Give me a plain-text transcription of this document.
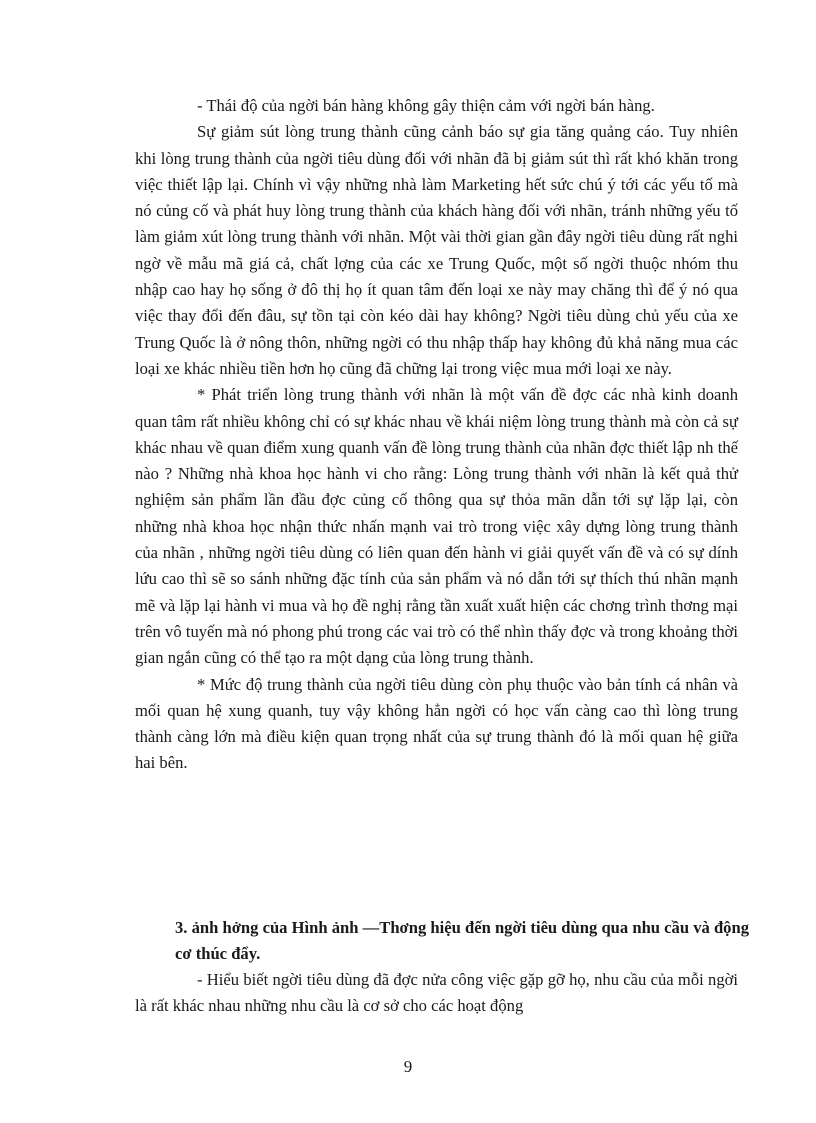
- Thái độ của ngời bán hàng không gây thiện cảm với ngời bán hàng.

Sự giảm sút lòng trung thành cũng cảnh báo sự gia tăng quảng cáo. Tuy nhiên khi lòng trung thành của ngời tiêu dùng đối với nhãn đã bị giảm sút thì rất khó khăn trong việc thiết lập lại. Chính vì vậy những nhà làm Marketing hết sức chú ý tới các yếu tố mà nó củng cố và phát huy lòng trung thành của khách hàng đối với nhãn, tránh những yếu tố làm giảm xút lòng trung thành với nhãn. Một vài thời gian gần đây ngời tiêu dùng rất nghi ngờ về mẫu mã giá cả, chất lợng của các xe Trung Quốc, một số ngời thuộc nhóm thu nhập cao hay họ sống ở đô thị họ ít quan tâm đến loại xe này may chăng thì để ý nó qua việc thay đổi đến đâu, sự tồn tại còn kéo dài hay không? Ngời tiêu dùng chủ yếu của xe Trung Quốc là ở nông thôn, những ngời có thu nhập thấp hay không đủ khả năng mua các loại xe khác nhiều tiền hơn họ cũng đã chững lại trong việc mua mới loại xe này.

* Phát triển lòng trung thành với nhãn là một vấn đề đợc các nhà kinh doanh quan tâm rất nhiều không chỉ có sự khác nhau về khái niệm lòng trung thành mà còn cả sự khác nhau về quan điểm xung quanh vấn đề lòng trung thành của nhãn đợc thiết lập nh thế nào ? Những nhà khoa học hành vi cho rằng: Lòng trung thành với nhãn là kết quả thử nghiệm sản phẩm lần đầu đợc củng cố thông qua sự thỏa mãn dẫn tới sự lặp lại, còn những nhà khoa học nhận thức nhấn mạnh vai trò trong việc xây dựng lòng trung thành của nhãn , những ngời tiêu dùng có liên quan đến hành vi giải quyết vấn đề và có sự dính lứu cao thì sẽ so sánh những đặc tính của sản phẩm và nó dẫn tới sự thích thú nhãn mạnh mẽ và lặp lại hành vi mua và họ đề nghị rằng tần xuất xuất hiện các chơng trình thơng mại trên vô tuyến mà nó phong phú trong các vai trò có thể nhìn thấy đợc và trong khoảng thời gian ngắn cũng có thể tạo ra một dạng của lòng trung thành.

* Mức độ trung thành của ngời tiêu dùng còn phụ thuộc vào bản tính cá nhân và mối quan hệ xung quanh, tuy vậy không hẳn ngời có học vấn càng cao thì lòng trung thành càng lớn mà điều kiện quan trọng nhất của sự trung thành đó là mối quan hệ giữa hai bên.

3. ảnh hởng của Hình ảnh —Thơng hiệu đến ngời tiêu dùng qua nhu cầu và động cơ thúc đẩy.

- Hiểu biết ngời tiêu dùng đã đợc nửa công việc gặp gỡ họ, nhu cầu của mỗi ngời là rất khác nhau những nhu cầu là cơ sở cho các hoạt động

9
